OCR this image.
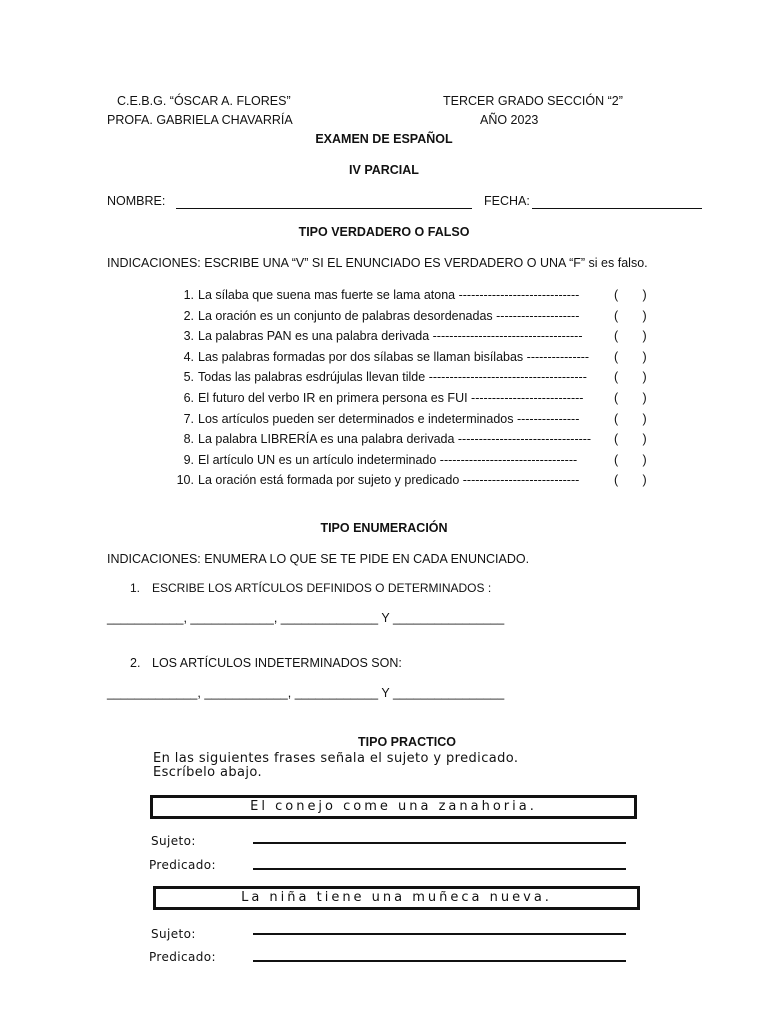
C.E.B.G. “ÓSCAR A. FLORES”	TERCER GRADO SECCIÓN “2”
PROFA. GABRIELA CHAVARRÍA	AÑO 2023
EXAMEN DE ESPAÑOL
IV PARCIAL
NOMBRE:	FECHA:
TIPO VERDADERO O FALSO
INDICACIONES: ESCRIBE UNA “V” SI EL ENUNCIADO ES VERDADERO O UNA “F” si es falso.
1. La sílaba que suena mas fuerte se lama atona -----------------------------	(       )
2. La oración es un conjunto de palabras desordenadas --------------------	(       )
3. La palabras PAN es una palabra derivada ------------------------------------	(       )
4. Las palabras formadas por dos sílabas se llaman bisílabas --------------- (       )
5. Todas las palabras esdrújulas llevan tilde -------------------------------------- (       )
6. El futuro del verbo IR en primera persona es FUI --------------------------- (       )
7. Los artículos pueden ser determinados e indeterminados ---------------	(       )
8. La palabra LIBRERÍA es una palabra derivada -------------------------------- (       )
9. El artículo UN es un artículo indeterminado ---------------------------------	(       )
10. La oración está formada por sujeto y predicado ----------------------------	(       )
TIPO ENUMERACIÓN
INDICACIONES: ENUMERA LO QUE SE TE PIDE EN CADA ENUNCIADO.
1. ESCRIBE LOS ARTÍCULOS DEFINIDOS O DETERMINADOS :
___________, ____________, ______________ Y ________________
2. LOS ARTÍCULOS INDETERMINADOS SON:
_____________, ____________, ____________ Y ________________
TIPO PRACTICO
En las siguientes frases señala el sujeto y predicado.
Escríbelo abajo.
El conejo come una zanahoria.
Sujeto:
Predicado:
La niña tiene una muñeca nueva.
Sujeto:
Predicado:
